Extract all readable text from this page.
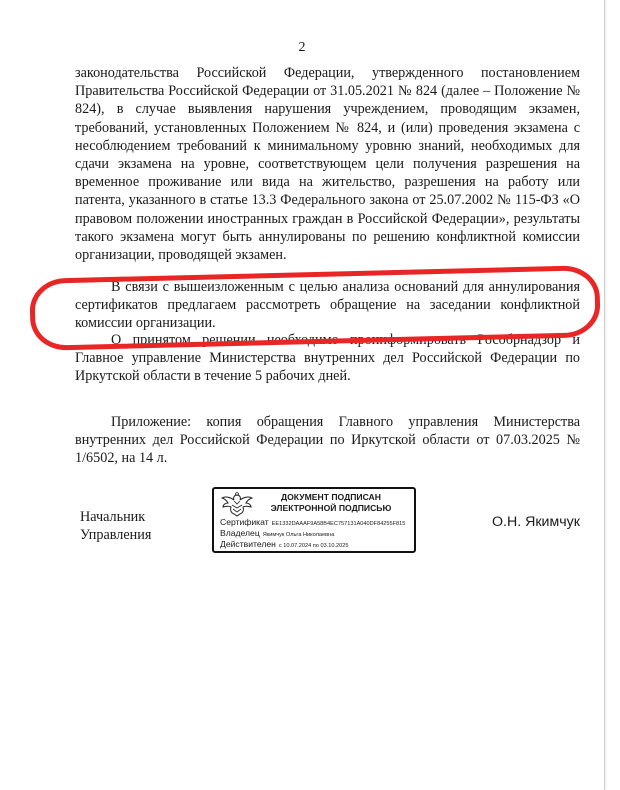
2

законодательства Российской Федерации, утвержденного постановлением Правительства Российской Федерации от 31.05.2021 № 824 (далее – Положение № 824), в случае выявления нарушения учреждением, проводящим экзамен, требований, установленных Положением № 824, и (или) проведения экзамена с несоблюдением требований к минимальному уровню знаний, необходимых для сдачи экзамена на уровне, соответствующем цели получения разрешения на временное проживание или вида на жительство, разрешения на работу или патента, указанного в статье 13.3 Федерального закона от 25.07.2002 № 115-ФЗ «О правовом положении иностранных граждан в Российской Федерации», результаты такого экзамена могут быть аннулированы по решению конфликтной комиссии организации, проводящей экзамен.

В связи с вышеизложенным с целью анализа оснований для аннулирования сертификатов предлагаем рассмотреть обращение на заседании конфликтной комиссии организации.

О принятом решении необходимо проинформировать Рособрнадзор и Главное управление Министерства внутренних дел Российской Федерации по Иркутской области в течение 5 рабочих дней.

Приложение: копия обращения Главного управления Министерства внутренних дел Российской Федерации по Иркутской области от 07.03.2025 № 1/6502, на 14 л.

Начальник
Управления
ДОКУМЕНТ ПОДПИСАН
ЭЛЕКТРОННОЙ ПОДПИСЬЮ
Сертификат EE1332DAAAF9A58B4EC757131A040DF84255F815
Владелец Якимчук Ольга Николаевна
Действителен с 10.07.2024 по 03.10.2025
О.Н. Якимчук
